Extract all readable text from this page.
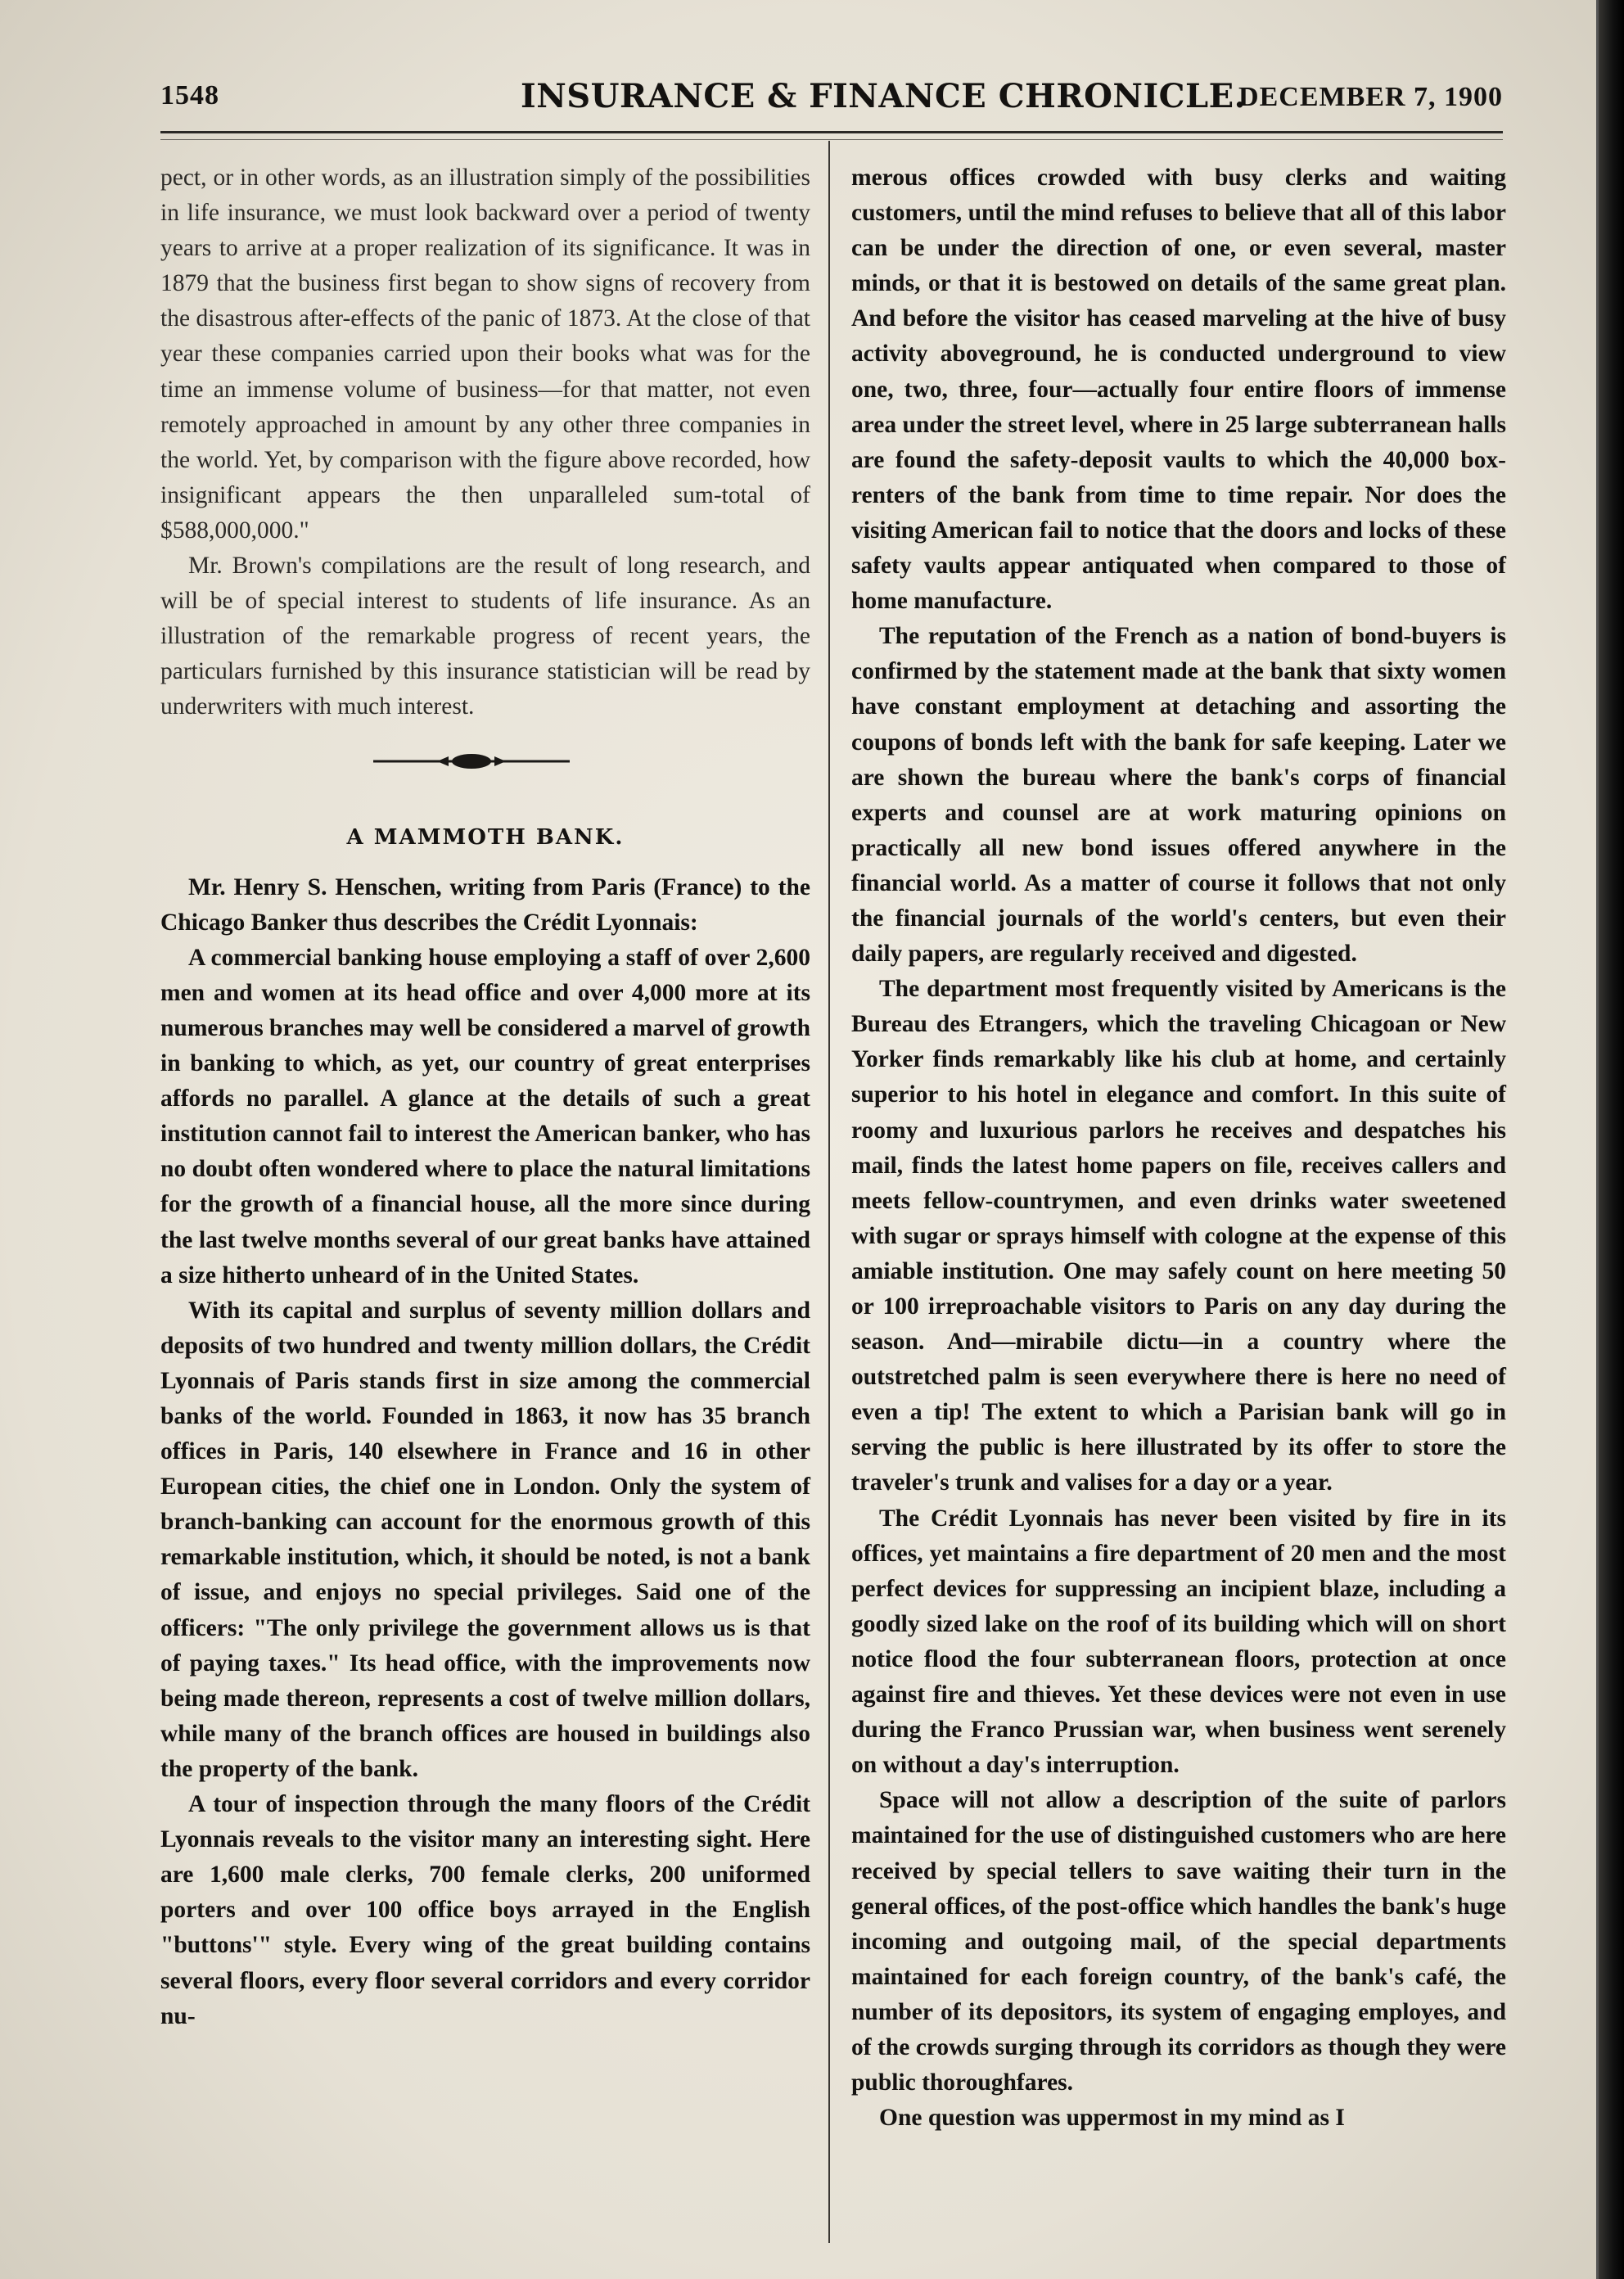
1548	INSURANCE & FINANCE CHRONICLE.
DECEMBER 7, 1900

pect, or in other words, as an illustration simply of the possibilities in life insurance, we must look backward over a period of twenty years to arrive at a proper realization of its significance. It was in 1879 that the business first began to show signs of recovery from the disastrous after-effects of the panic of 1873. At the close of that year these companies carried upon their books what was for the time an immense volume of business—for that matter, not even remotely approached in amount by any other three companies in the world. Yet, by comparison with the figure above recorded, how insignificant appears the then unparalleled sum-total of $588,000,000."

Mr. Brown's compilations are the result of long research, and will be of special interest to students of life insurance. As an illustration of the remarkable progress of recent years, the particulars furnished by this insurance statistician will be read by underwriters with much interest.

A MAMMOTH BANK.

Mr. Henry S. Henschen, writing from Paris (France) to the Chicago Banker thus describes the Crédit Lyonnais:

A commercial banking house employing a staff of over 2,600 men and women at its head office and over 4,000 more at its numerous branches may well be considered a marvel of growth in banking to which, as yet, our country of great enterprises affords no parallel. A glance at the details of such a great institution cannot fail to interest the American banker, who has no doubt often wondered where to place the natural limitations for the growth of a financial house, all the more since during the last twelve months several of our great banks have attained a size hitherto unheard of in the United States.

With its capital and surplus of seventy million dollars and deposits of two hundred and twenty million dollars, the Crédit Lyonnais of Paris stands first in size among the commercial banks of the world. Founded in 1863, it now has 35 branch offices in Paris, 140 elsewhere in France and 16 in other European cities, the chief one in London. Only the system of branch-banking can account for the enormous growth of this remarkable institution, which, it should be noted, is not a bank of issue, and enjoys no special privileges. Said one of the officers: "The only privilege the government allows us is that of paying taxes." Its head office, with the improvements now being made thereon, represents a cost of twelve million dollars, while many of the branch offices are housed in buildings also the property of the bank.

A tour of inspection through the many floors of the Crédit Lyonnais reveals to the visitor many an interesting sight. Here are 1,600 male clerks, 700 female clerks, 200 uniformed porters and over 100 office boys arrayed in the English "buttons'" style. Every wing of the great building contains several floors, every floor several corridors and every corridor nu-

merous offices crowded with busy clerks and waiting customers, until the mind refuses to believe that all of this labor can be under the direction of one, or even several, master minds, or that it is bestowed on details of the same great plan. And before the visitor has ceased marveling at the hive of busy activity aboveground, he is conducted underground to view one, two, three, four—actually four entire floors of immense area under the street level, where in 25 large subterranean halls are found the safety-deposit vaults to which the 40,000 box-renters of the bank from time to time repair. Nor does the visiting American fail to notice that the doors and locks of these safety vaults appear antiquated when compared to those of home manufacture.

The reputation of the French as a nation of bond-buyers is confirmed by the statement made at the bank that sixty women have constant employment at detaching and assorting the coupons of bonds left with the bank for safe keeping. Later we are shown the bureau where the bank's corps of financial experts and counsel are at work maturing opinions on practically all new bond issues offered anywhere in the financial world. As a matter of course it follows that not only the financial journals of the world's centers, but even their daily papers, are regularly received and digested.

The department most frequently visited by Americans is the Bureau des Etrangers, which the traveling Chicagoan or New Yorker finds remarkably like his club at home, and certainly superior to his hotel in elegance and comfort. In this suite of roomy and luxurious parlors he receives and despatches his mail, finds the latest home papers on file, receives callers and meets fellow-countrymen, and even drinks water sweetened with sugar or sprays himself with cologne at the expense of this amiable institution. One may safely count on here meeting 50 or 100 irreproachable visitors to Paris on any day during the season. And—mirabile dictu—in a country where the outstretched palm is seen everywhere there is here no need of even a tip! The extent to which a Parisian bank will go in serving the public is here illustrated by its offer to store the traveler's trunk and valises for a day or a year.

The Crédit Lyonnais has never been visited by fire in its offices, yet maintains a fire department of 20 men and the most perfect devices for suppressing an incipient blaze, including a goodly sized lake on the roof of its building which will on short notice flood the four subterranean floors, protection at once against fire and thieves. Yet these devices were not even in use during the Franco Prussian war, when business went serenely on without a day's interruption.

Space will not allow a description of the suite of parlors maintained for the use of distinguished customers who are here received by special tellers to save waiting their turn in the general offices, of the post-office which handles the bank's huge incoming and outgoing mail, of the special departments maintained for each foreign country, of the bank's café, the number of its depositors, its system of engaging employes, and of the crowds surging through its corridors as though they were public thoroughfares.

One question was uppermost in my mind as I
